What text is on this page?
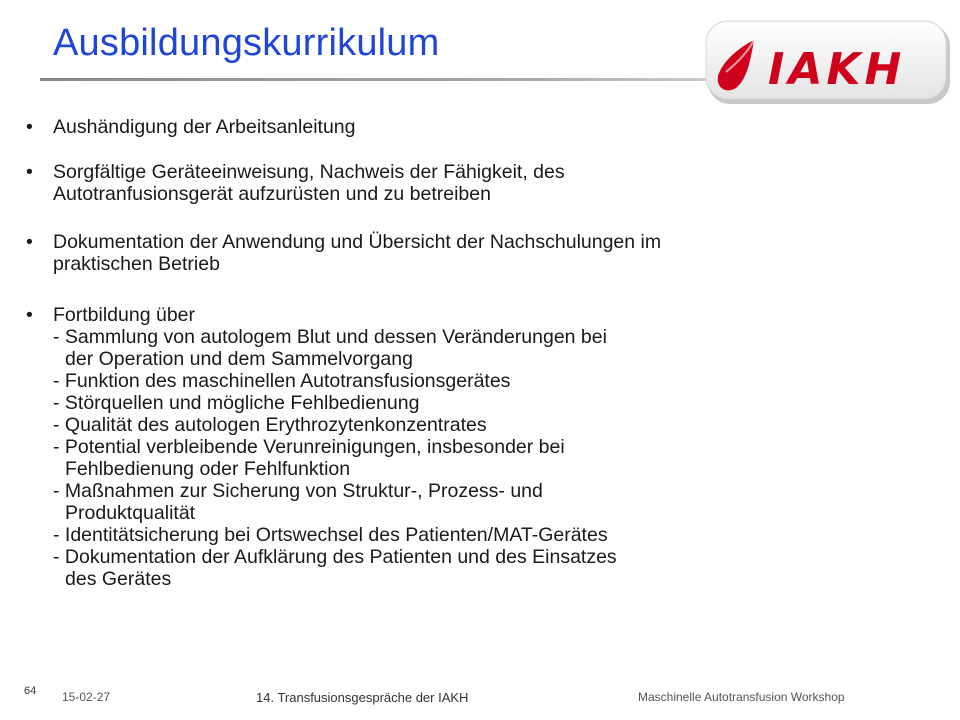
Ausbildungskurrikulum
IAKH
• Aushändigung der Arbeitsanleitung
• Sorgfältige Geräteeinweisung, Nachweis der Fähigkeit, des
Autotranfusionsgerät aufzurüsten und zu betreiben
• Dokumentation der Anwendung und Übersicht der Nachschulungen im
praktischen Betrieb
• Fortbildung über
- Sammlung von autologem Blut und dessen Veränderungen bei
der Operation und dem Sammelvorgang
- Funktion des maschinellen Autotransfusionsgerätes
- Störquellen und mögliche Fehlbedienung
- Qualität des autologen Erythrozytenkonzentrates
- Potential verbleibende Verunreinigungen, insbesonder bei
Fehlbedienung oder Fehlfunktion
- Maßnahmen zur Sicherung von Struktur-, Prozess- und
Produktqualität
- Identitätsicherung bei Ortswechsel des Patienten/MAT-Gerätes
- Dokumentation der Aufklärung des Patienten und des Einsatzes
des Gerätes
64 15-02-27	14. Transfusionsgespräche der IAKH	Maschinelle Autotransfusion Workshop
